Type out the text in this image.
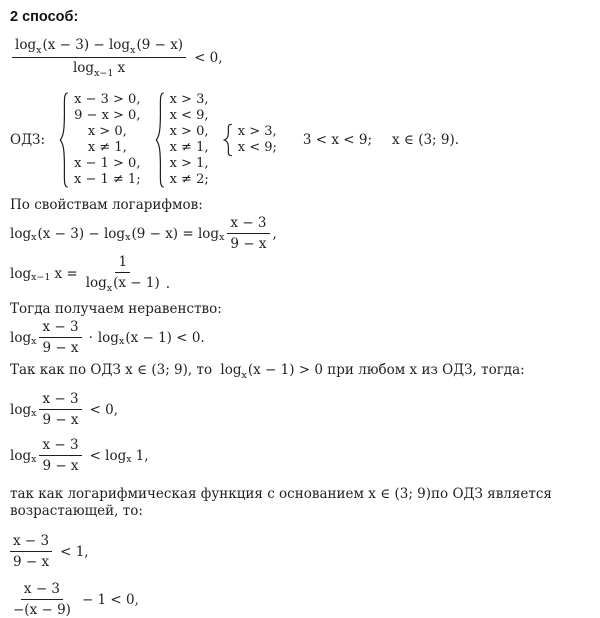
2 способ:
$\frac{\log_x(x - 3) - \log_x(9 - x)}{\log_{x-1} x} < 0$,
ОДЗ:
x − 3 > 0,
9 − x > 0,
x > 0,
x ≠ 1,
x − 1 > 0,
x − 1 ≠ 1;
x > 3,
x < 9,
x > 0,
x ≠ 1,
x > 1,
x ≠ 2;
x > 3,
x < 9; 3 < x < 9; x ∈ (3; 9).
По свойствам логарифмов:
log x (x − 3) − log x (9 − x) = log x $\frac{x - 3}{9 - x}$ ,
log x−1 $x = \frac{1}{\log_x(x - 1)}$ .
Тогда получаем неравенство:
log x $\frac{x - 3}{9 - x} \cdot \log x$ (x − 1) < 0.
Так как по ОДЗ x ∈ (3; 9), то $\log_x(x - 1) > 0$ при любом x из ОДЗ, тогда:
log x $\frac{x - 3}{9 - x} < 0$,
log x $\frac{x - 3}{9 - x} < \log x$ 1,
так как логарифмическая функция с основанием x ∈ (3; 9)по ОДЗ является возрастающей, то:
$\frac{x - 3}{9 - x} < 1$,
$\frac{x - 3}{-(x - 9)} - 1 < 0$,
